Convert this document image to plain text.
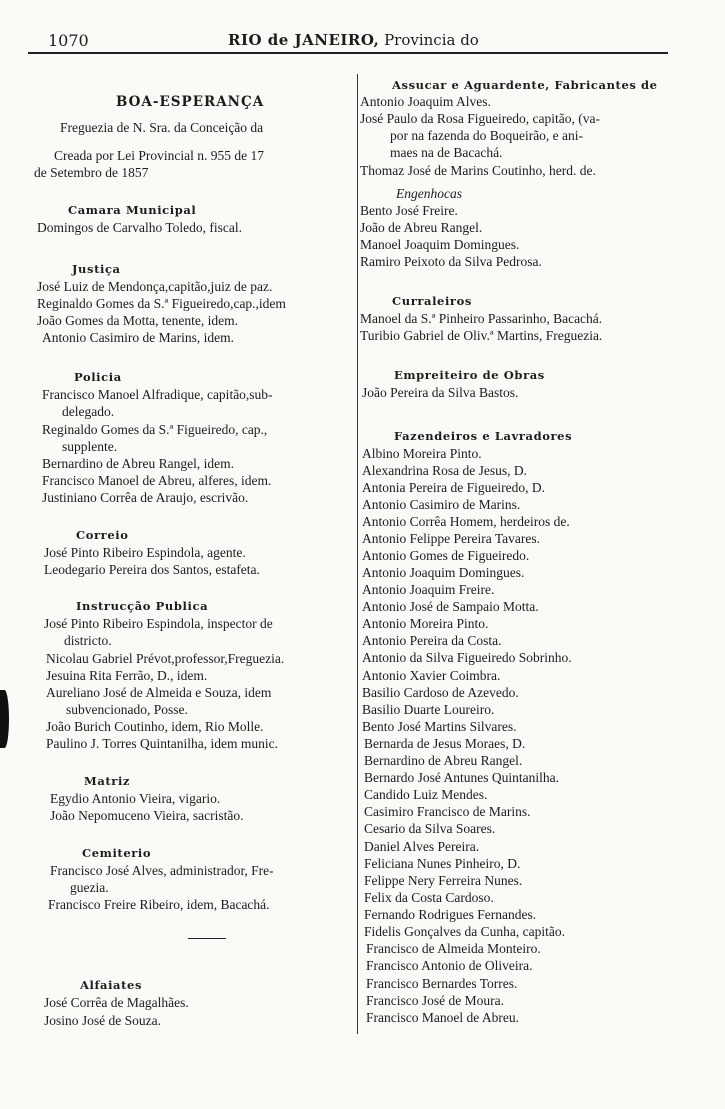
1070	RIO de JANEIRO, Provincia do
BOA-ESPERANÇA
Freguezia de N. Sra. da Conceição da
Creada por Lei Provincial n. 955 de 17
de Setembro de 1857
Camara Municipal
Domingos de Carvalho Toledo, fiscal.
Justiça
José Luiz de Mendonça,capitão,juiz de paz.
Reginaldo Gomes da S.ª Figueiredo,cap.,idem
João Gomes da Motta, tenente, idem.
Antonio Casimiro de Marins, idem.
Policia
Francisco Manoel Alfradique, capitão,sub-
delegado.
Reginaldo Gomes da S.ª Figueiredo, cap.,
supplente.
Bernardino de Abreu Rangel, idem.
Francisco Manoel de Abreu, alferes, idem.
Justiniano Corrêa de Araujo, escrivão.
Correio
José Pinto Ribeiro Espindola, agente.
Leodegario Pereira dos Santos, estafeta.
Instrucção Publica
José Pinto Ribeiro Espindola, inspector de
districto.
Nicolau Gabriel Prévot,professor,Freguezia.
Jesuina Rita Ferrão, D., idem.
Aureliano José de Almeida e Souza, idem
subvencionado, Posse.
João Burich Coutinho, idem, Rio Molle.
Paulino J. Torres Quintanilha, idem munic.
Matriz
Egydio Antonio Vieira, vigario.
João Nepomuceno Vieira, sacristão.
Cemiterio
Francisco José Alves, administrador, Fre-
guezia.
Francisco Freire Ribeiro, idem, Bacachá.
Alfaiates
José Corrêa de Magalhães.
Josino José de Souza.
Assucar e Aguardente, Fabricantes de
Antonio Joaquim Alves.
José Paulo da Rosa Figueiredo, capitão, (va-
por na fazenda do Boqueirão, e ani-
maes na de Bacachá.
Thomaz José de Marins Coutinho, herd. de.
Engenhocas
Bento José Freire.
João de Abreu Rangel.
Manoel Joaquim Domingues.
Ramiro Peixoto da Silva Pedrosa.
Curraleiros
Manoel da S.ª Pinheiro Passarinho, Bacachá.
Turibio Gabriel de Oliv.ª Martins, Freguezia.
Empreiteiro de Obras
João Pereira da Silva Bastos.
Fazendeiros e Lavradores
Albino Moreira Pinto.
Alexandrina Rosa de Jesus, D.
Antonia Pereira de Figueiredo, D.
Antonio Casimiro de Marins.
Antonio Corrêa Homem, herdeiros de.
Antonio Felippe Pereira Tavares.
Antonio Gomes de Figueiredo.
Antonio Joaquim Domingues.
Antonio Joaquim Freire.
Antonio José de Sampaio Motta.
Antonio Moreira Pinto.
Antonio Pereira da Costa.
Antonio da Silva Figueiredo Sobrinho.
Antonio Xavier Coimbra.
Basilio Cardoso de Azevedo.
Basilio Duarte Loureiro.
Bento José Martins Silvares.
Bernarda de Jesus Moraes, D.
Bernardino de Abreu Rangel.
Bernardo José Antunes Quintanilha.
Candido Luiz Mendes.
Casimiro Francisco de Marins.
Cesario da Silva Soares.
Daniel Alves Pereira.
Feliciana Nunes Pinheiro, D.
Felippe Nery Ferreira Nunes.
Felix da Costa Cardoso.
Fernando Rodrigues Fernandes.
Fidelis Gonçalves da Cunha, capitão.
Francisco de Almeida Monteiro.
Francisco Antonio de Oliveira.
Francisco Bernardes Torres.
Francisco José de Moura.
Francisco Manoel de Abreu.
